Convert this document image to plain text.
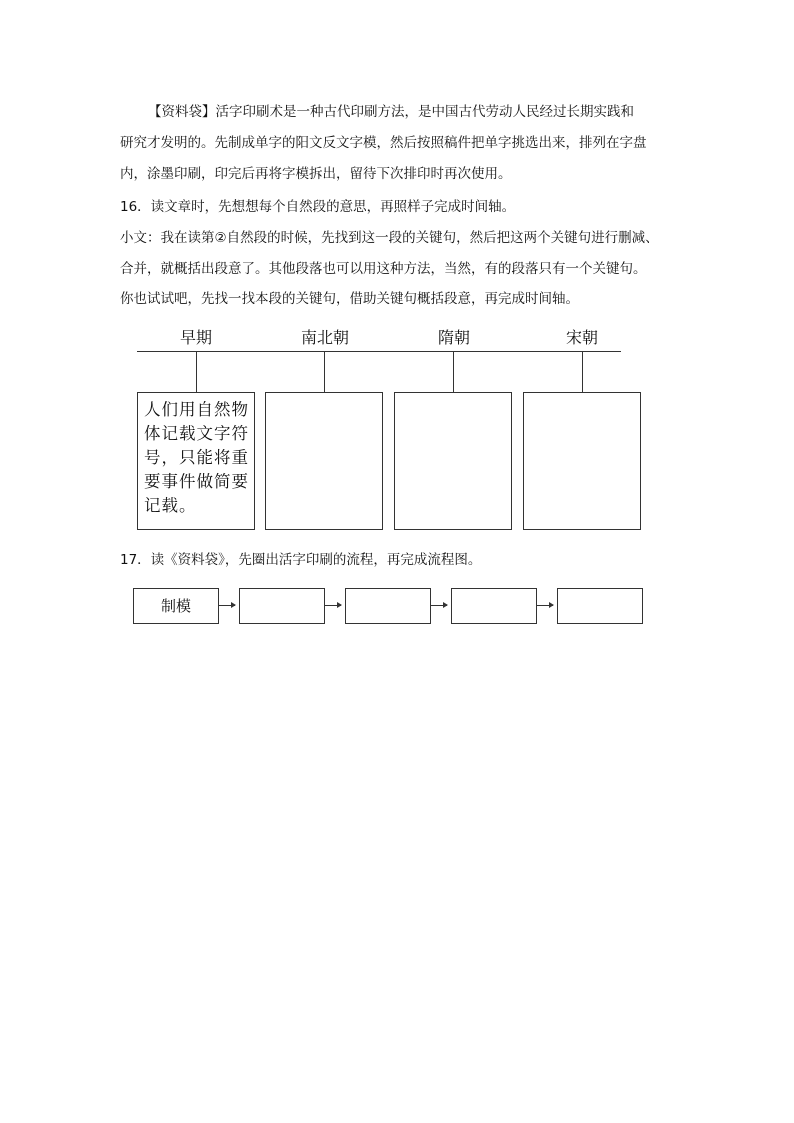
【资料袋】活字印刷术是一种古代印刷方法，是中国古代劳动人民经过长期实践和
研究才发明的。先制成单字的阳文反文字模，然后按照稿件把单字挑选出来，排列在字盘
内，涂墨印刷，印完后再将字模拆出，留待下次排印时再次使用。
16．读文章时，先想想每个自然段的意思，再照样子完成时间轴。
小文：我在读第②自然段的时候，先找到这一段的关键句，然后把这两个关键句进行删减、
合并，就概括出段意了。其他段落也可以用这种方法，当然，有的段落只有一个关键句。
你也试试吧，先找一找本段的关键句，借助关键句概括段意，再完成时间轴。
早期	南北朝	隋朝	宋朝
人们用自然物体记载文字符号，只能将重要事件做简要记载。
17．读《资料袋》，先圈出活字印刷的流程，再完成流程图。
制模
